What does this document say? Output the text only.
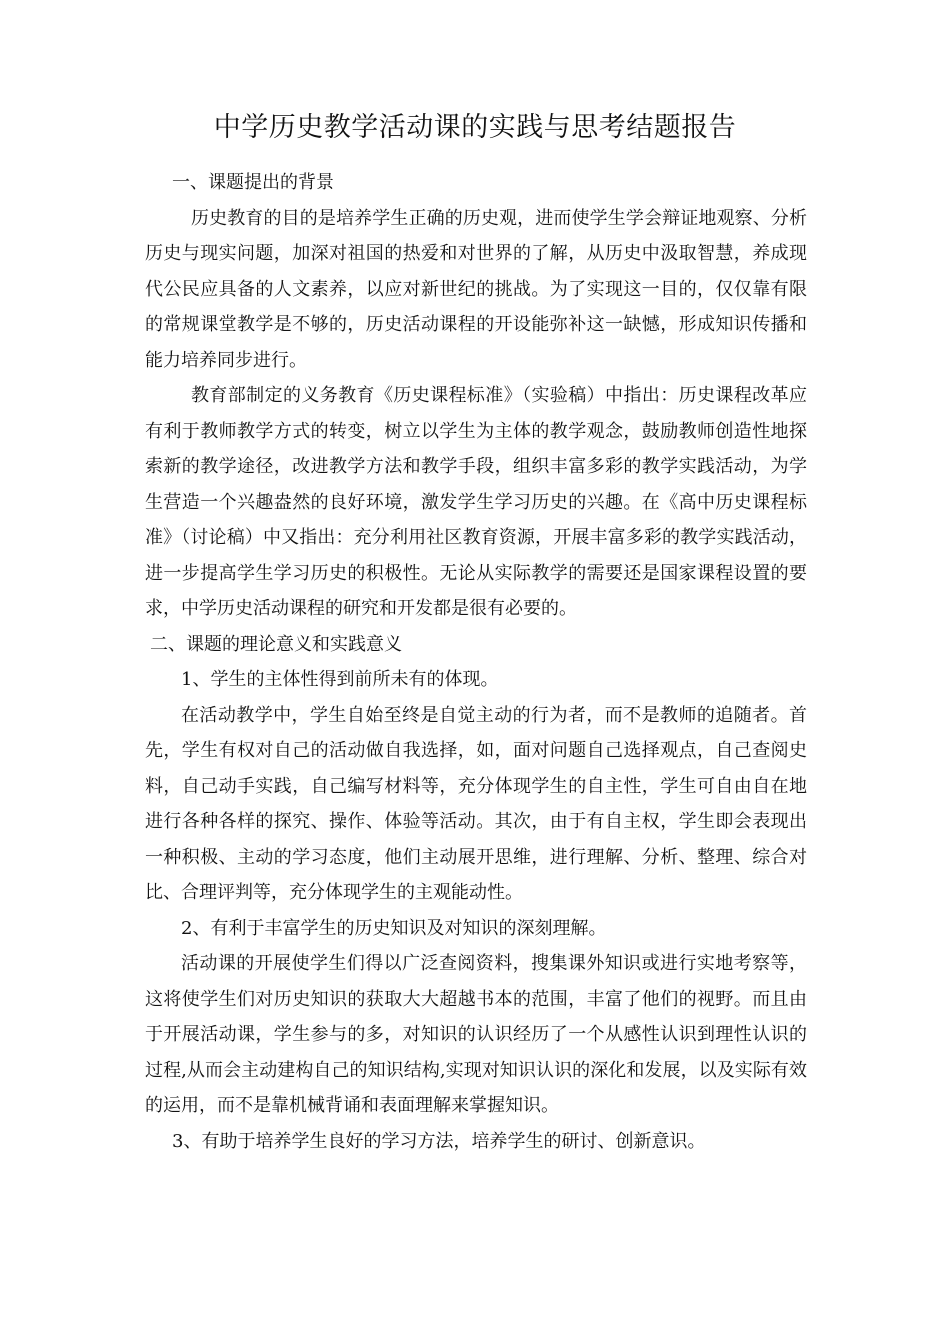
中学历史教学活动课的实践与思考结题报告

一、课题提出的背景

历史教育的目的是培养学生正确的历史观，进而使学生学会辩证地观察、分析历史与现实问题，加深对祖国的热爱和对世界的了解，从历史中汲取智慧，养成现代公民应具备的人文素养，以应对新世纪的挑战。为了实现这一目的，仅仅靠有限的常规课堂教学是不够的，历史活动课程的开设能弥补这一缺憾，形成知识传播和能力培养同步进行。

教育部制定的义务教育《历史课程标准》（实验稿）中指出：历史课程改革应有利于教师教学方式的转变，树立以学生为主体的教学观念，鼓励教师创造性地探索新的教学途径，改进教学方法和教学手段，组织丰富多彩的教学实践活动，为学生营造一个兴趣盎然的良好环境，激发学生学习历史的兴趣。在《高中历史课程标准》（讨论稿）中又指出：充分利用社区教育资源，开展丰富多彩的教学实践活动，进一步提高学生学习历史的积极性。无论从实际教学的需要还是国家课程设置的要求，中学历史活动课程的研究和开发都是很有必要的。

二、课题的理论意义和实践意义

1、学生的主体性得到前所未有的体现。

在活动教学中，学生自始至终是自觉主动的行为者，而不是教师的追随者。首先，学生有权对自己的活动做自我选择，如，面对问题自己选择观点，自己查阅史料，自己动手实践，自己编写材料等，充分体现学生的自主性，学生可自由自在地进行各种各样的探究、操作、体验等活动。其次，由于有自主权，学生即会表现出一种积极、主动的学习态度，他们主动展开思维，进行理解、分析、整理、综合对比、合理评判等，充分体现学生的主观能动性。

2、有利于丰富学生的历史知识及对知识的深刻理解。

活动课的开展使学生们得以广泛查阅资料，搜集课外知识或进行实地考察等，这将使学生们对历史知识的获取大大超越书本的范围，丰富了他们的视野。而且由于开展活动课，学生参与的多，对知识的认识经历了一个从感性认识到理性认识的过程,从而会主动建构自己的知识结构,实现对知识认识的深化和发展，以及实际有效的运用，而不是靠机械背诵和表面理解来掌握知识。

3、有助于培养学生良好的学习方法，培养学生的研讨、创新意识。
